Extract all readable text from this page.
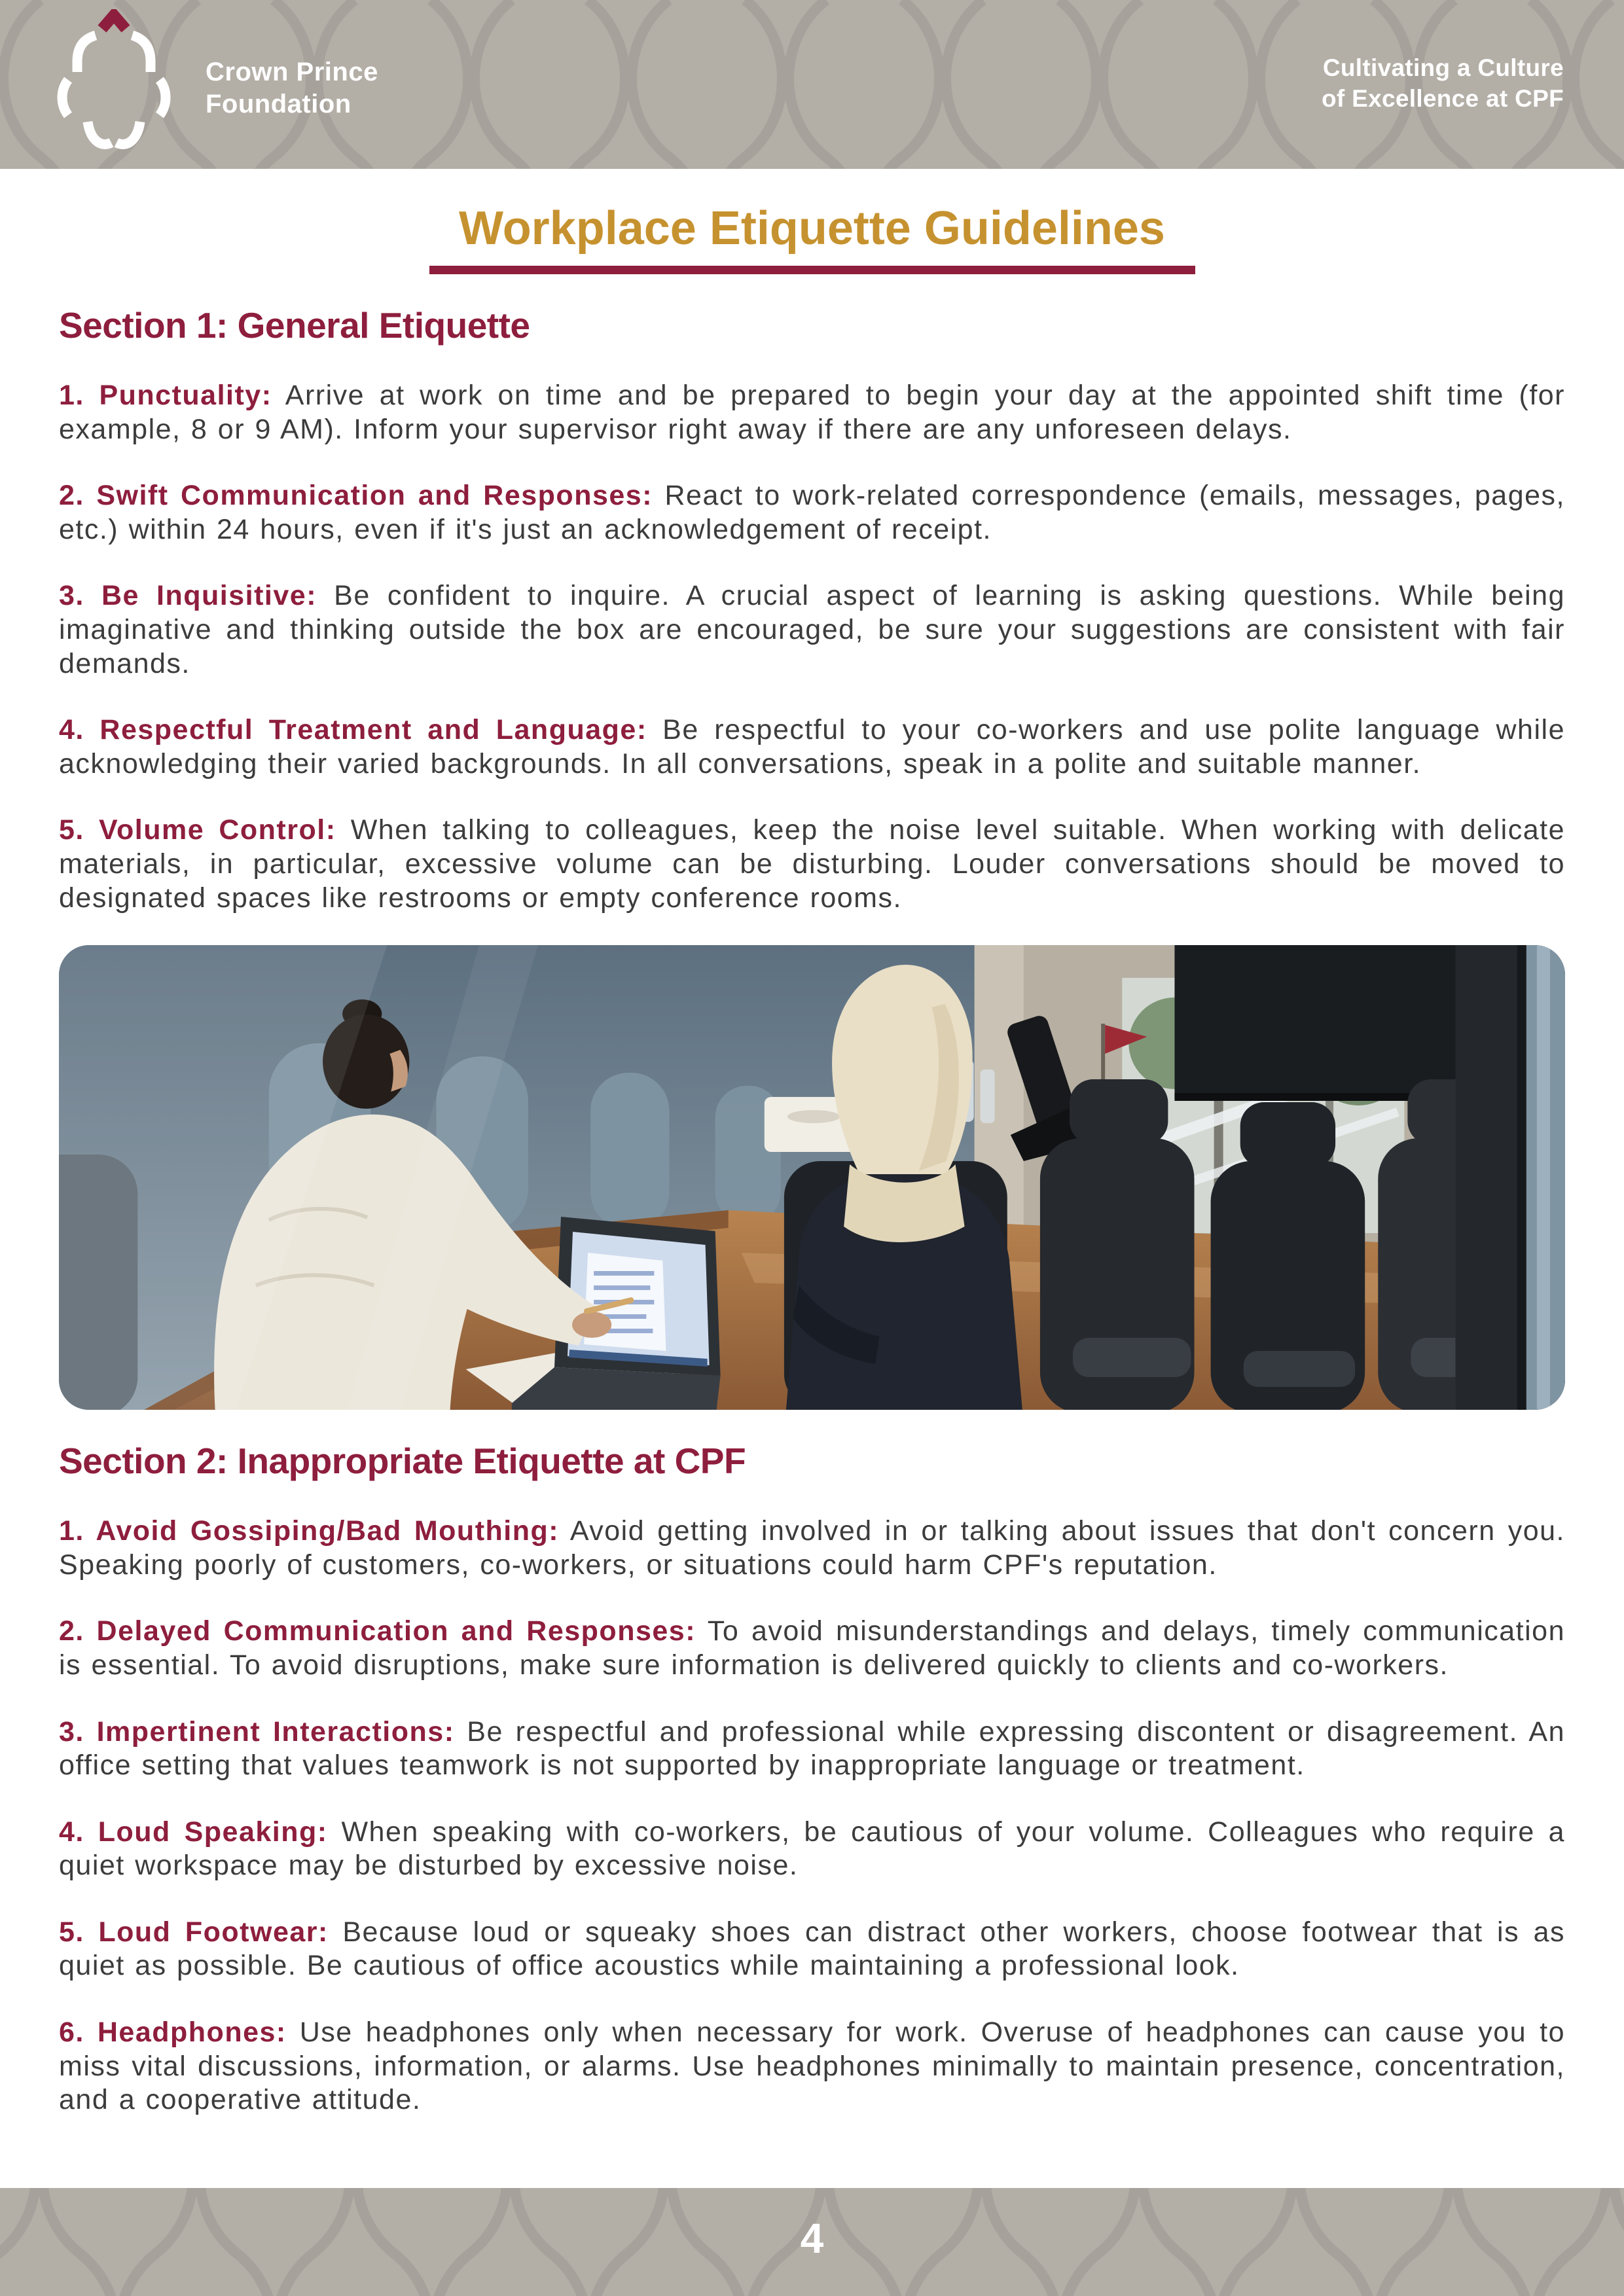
Crown Prince
Foundation
Cultivating a Culture
of Excellence at CPF
Workplace Etiquette Guidelines
Section 1: General Etiquette

1. Punctuality: Arrive at work on time and be prepared to begin your day at the appointed shift time (for example, 8 or 9 AM). Inform your supervisor right away if there are any unforeseen delays.

2. Swift Communication and Responses: React to work-related correspondence (emails, messages, pages, etc.) within 24 hours, even if it's just an acknowledgement of receipt.

3. Be Inquisitive: Be confident to inquire. A crucial aspect of learning is asking questions. While being imaginative and thinking outside the box are encouraged, be sure your suggestions are consistent with fair demands.

4. Respectful Treatment and Language: Be respectful to your co-workers and use polite language while acknowledging their varied backgrounds. In all conversations, speak in a polite and suitable manner.

5. Volume Control: When talking to colleagues, keep the noise level suitable. When working with delicate materials, in particular, excessive volume can be disturbing. Louder conversations should be moved to designated spaces like restrooms or empty conference rooms.

Section 2: Inappropriate Etiquette at CPF

1. Avoid Gossiping/Bad Mouthing: Avoid getting involved in or talking about issues that don't concern you. Speaking poorly of customers, co-workers, or situations could harm CPF's reputation.

2. Delayed Communication and Responses: To avoid misunderstandings and delays, timely communication is essential. To avoid disruptions, make sure information is delivered quickly to clients and co-workers.

3. Impertinent Interactions: Be respectful and professional while expressing discontent or disagreement. An office setting that values teamwork is not supported by inappropriate language or treatment.

4. Loud Speaking: When speaking with co-workers, be cautious of your volume. Colleagues who require a quiet workspace may be disturbed by excessive noise.

5. Loud Footwear: Because loud or squeaky shoes can distract other workers, choose footwear that is as quiet as possible. Be cautious of office acoustics while maintaining a professional look.

6. Headphones: Use headphones only when necessary for work. Overuse of headphones can cause you to miss vital discussions, information, or alarms. Use headphones minimally to maintain presence, concentration, and a cooperative attitude.

4
